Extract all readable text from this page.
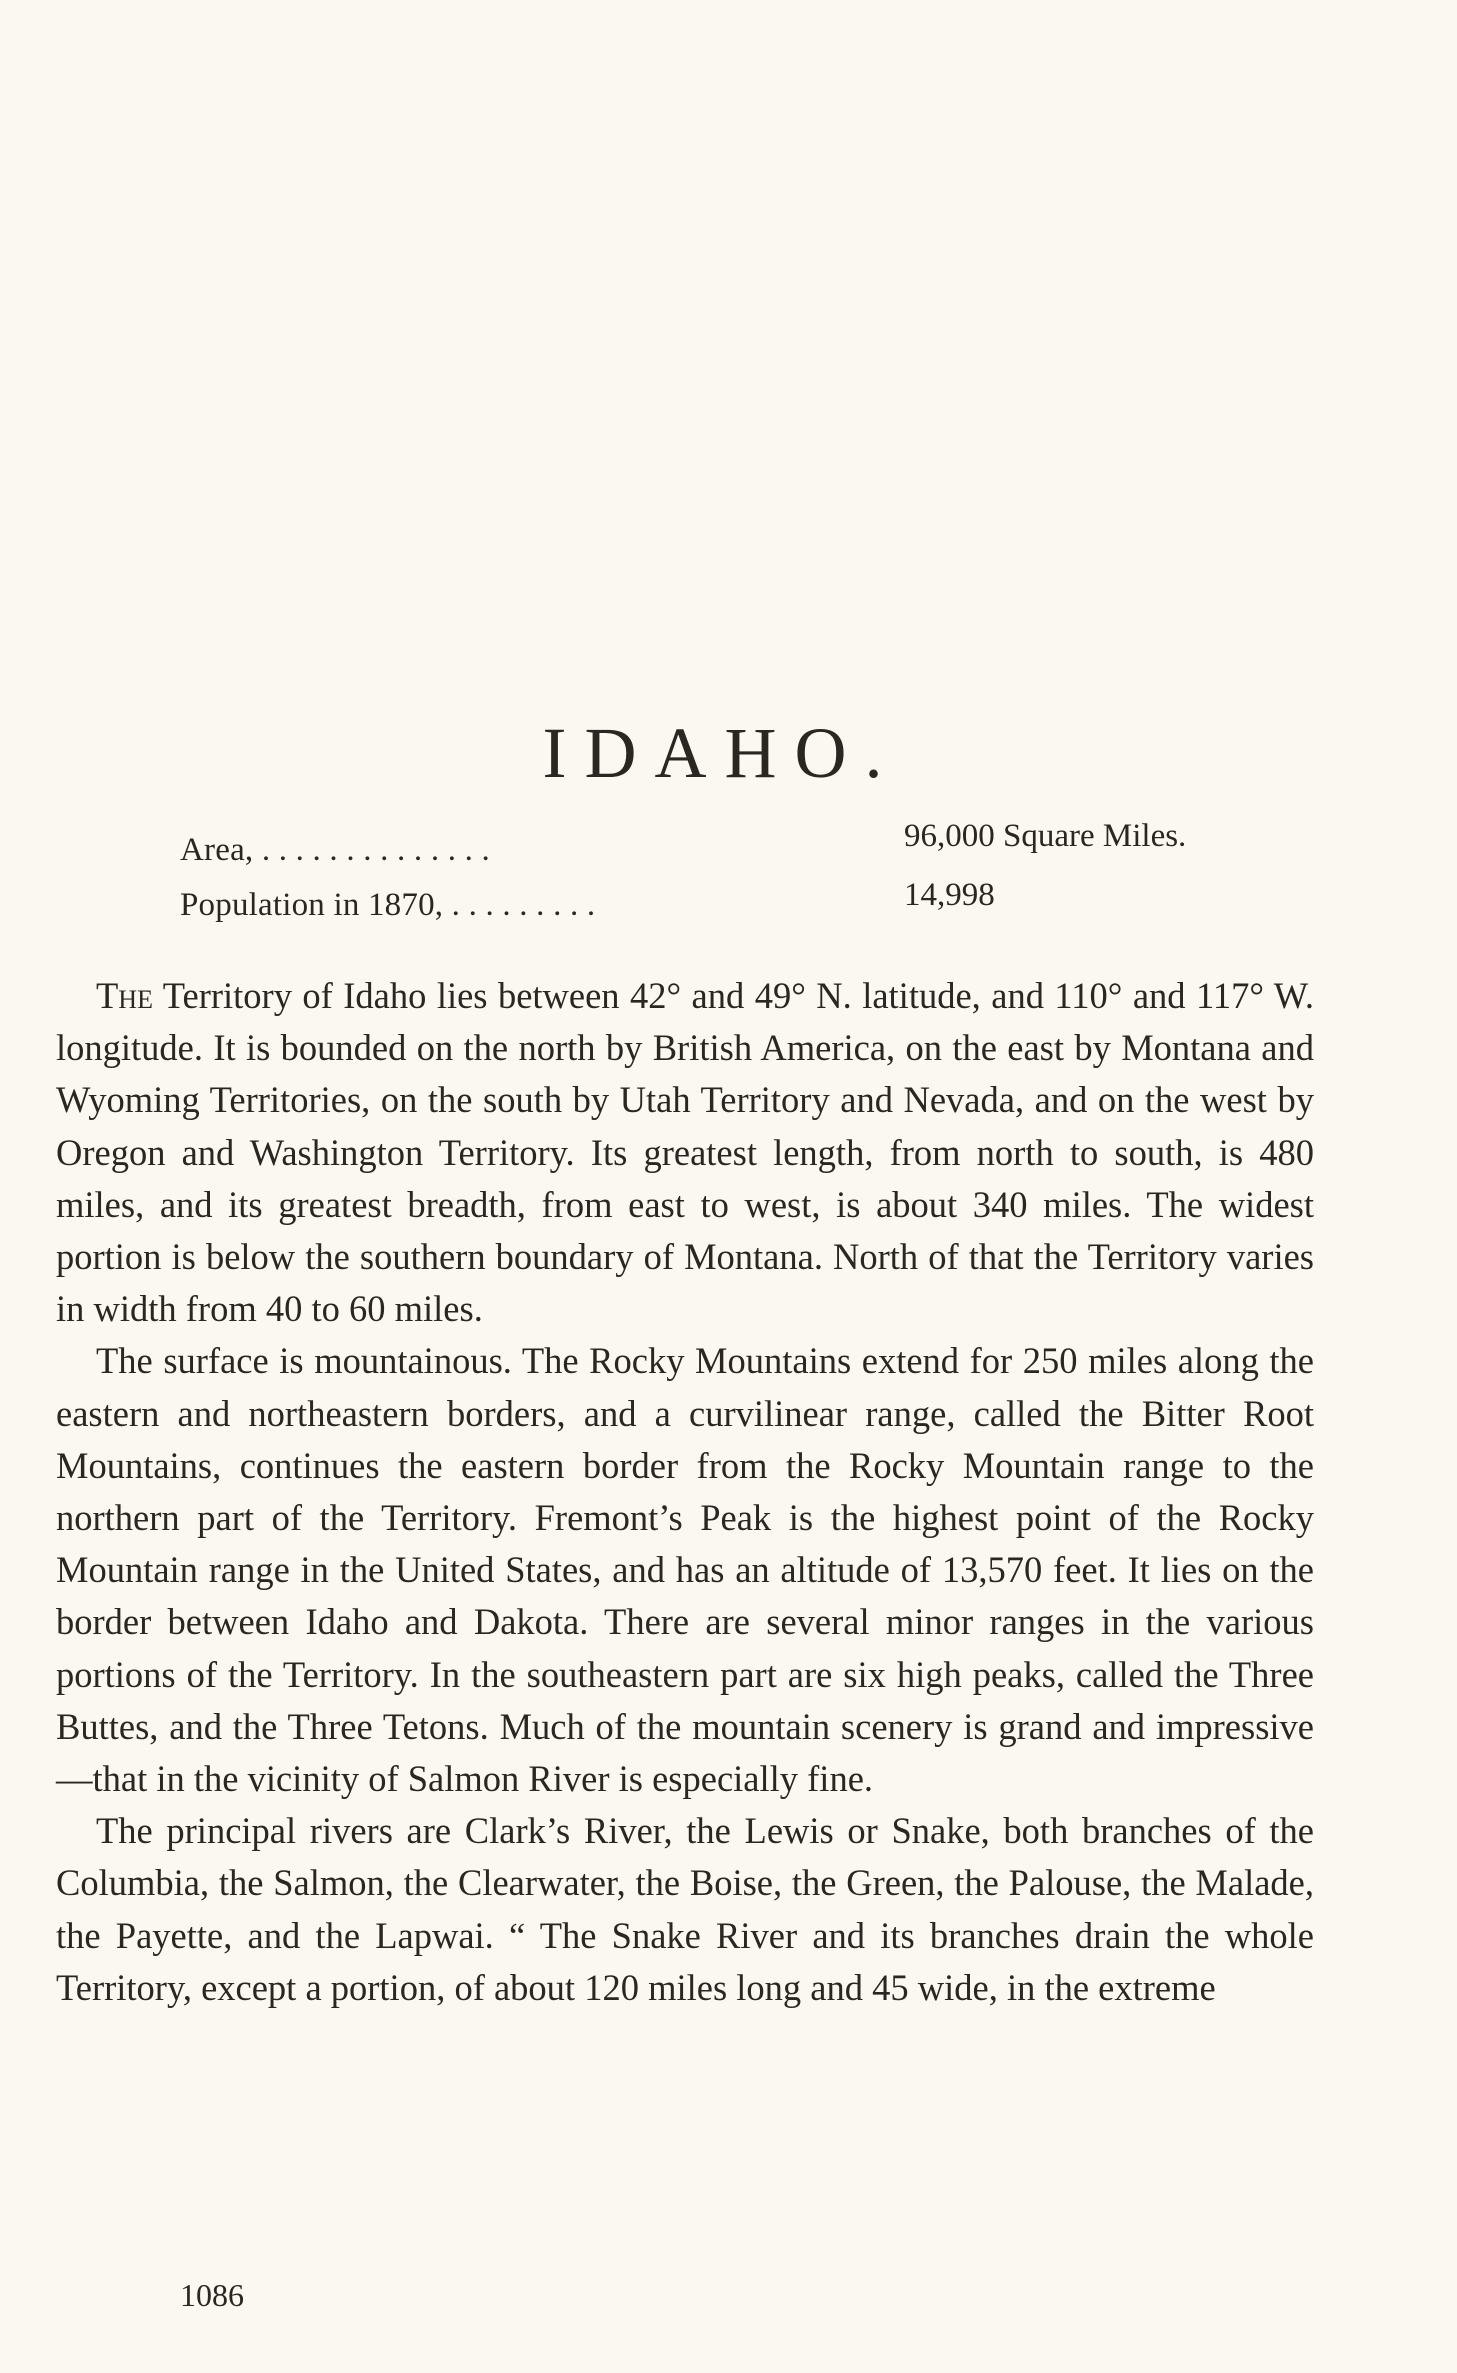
IDAHO.
Area, . . . . . . . . . . . . . .	96,000 Square Miles.
Population in 1870, . . . . . . . . .	14,998

The Territory of Idaho lies between 42° and 49° N. latitude, and 110° and 117° W. longitude. It is bounded on the north by British America, on the east by Montana and Wyoming Territories, on the south by Utah Territory and Nevada, and on the west by Oregon and Washington Territory. Its greatest length, from north to south, is 480 miles, and its greatest breadth, from east to west, is about 340 miles. The widest portion is below the southern boundary of Montana. North of that the Territory varies in width from 40 to 60 miles.

The surface is mountainous. The Rocky Mountains extend for 250 miles along the eastern and northeastern borders, and a curvilinear range, called the Bitter Root Mountains, continues the eastern border from the Rocky Mountain range to the northern part of the Territory. Fremont’s Peak is the highest point of the Rocky Mountain range in the United States, and has an altitude of 13,570 feet. It lies on the border between Idaho and Dakota. There are several minor ranges in the various portions of the Territory. In the southeastern part are six high peaks, called the Three Buttes, and the Three Tetons. Much of the mountain scenery is grand and impressive—that in the vicinity of Salmon River is especially fine.

The principal rivers are Clark’s River, the Lewis or Snake, both branches of the Columbia, the Salmon, the Clearwater, the Boise, the Green, the Palouse, the Malade, the Payette, and the Lapwai. “ The Snake River and its branches drain the whole Territory, except a portion, of about 120 miles long and 45 wide, in the extreme

1086
